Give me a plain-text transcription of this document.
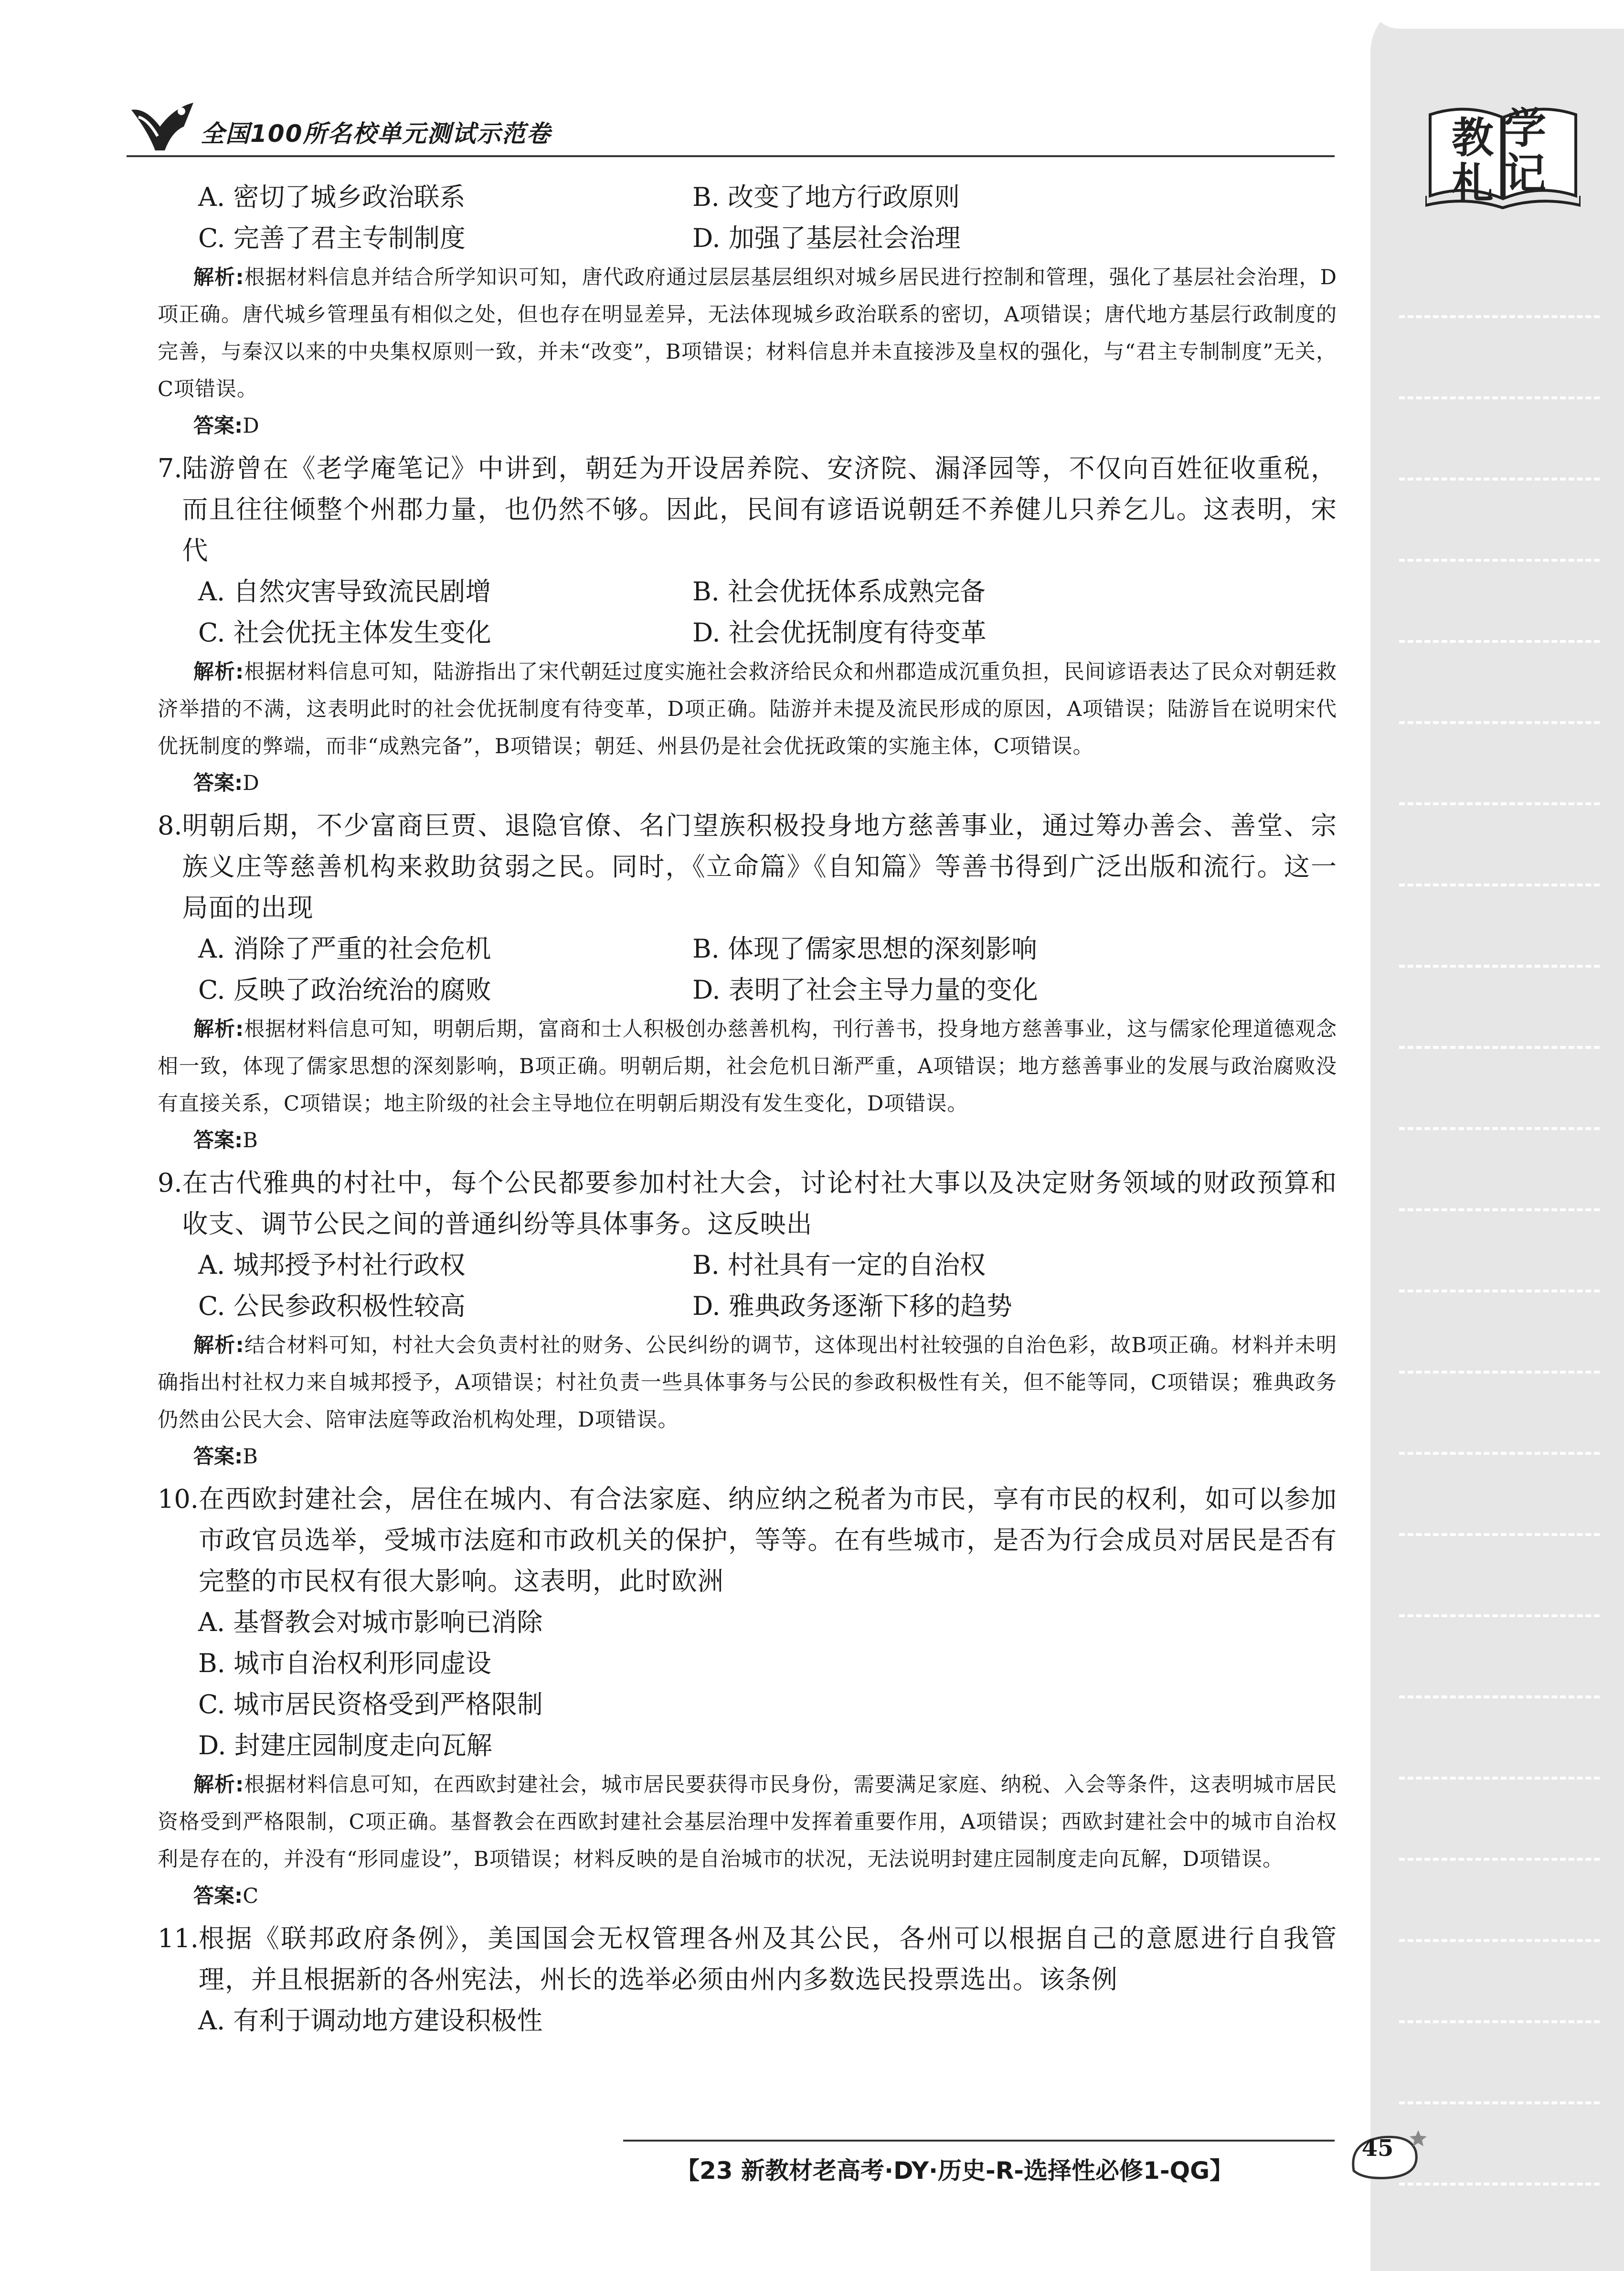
教 学
札 记
全国100所名校单元测试示范卷
A. 密切了城乡政治联系	B. 改变了地方行政原则
C. 完善了君主专制制度	D. 加强了基层社会治理

解析:根据材料信息并结合所学知识可知，唐代政府通过层层基层组织对城乡居民进行控制和管理，强化了基层社会治理，D项正确。唐代城乡管理虽有相似之处，但也存在明显差异，无法体现城乡政治联系的密切，A项错误；唐代地方基层行政制度的完善，与秦汉以来的中央集权原则一致，并未“改变”，B项错误；材料信息并未直接涉及皇权的强化，与“君主专制制度”无关，C项错误。

答案:D
7. 陆游曾在《老学庵笔记》中讲到，朝廷为开设居养院、安济院、漏泽园等，不仅向百姓征收重税，而且往往倾整个州郡力量，也仍然不够。因此，民间有谚语说朝廷不养健儿只养乞儿。这表明，宋代
A. 自然灾害导致流民剧增	B. 社会优抚体系成熟完备
C. 社会优抚主体发生变化	D. 社会优抚制度有待变革

解析:根据材料信息可知，陆游指出了宋代朝廷过度实施社会救济给民众和州郡造成沉重负担，民间谚语表达了民众对朝廷救济举措的不满，这表明此时的社会优抚制度有待变革，D项正确。陆游并未提及流民形成的原因，A项错误；陆游旨在说明宋代优抚制度的弊端，而非“成熟完备”，B项错误；朝廷、州县仍是社会优抚政策的实施主体，C项错误。

答案:D
8. 明朝后期，不少富商巨贾、退隐官僚、名门望族积极投身地方慈善事业，通过筹办善会、善堂、宗族义庄等慈善机构来救助贫弱之民。同时，《立命篇》《自知篇》等善书得到广泛出版和流行。这一局面的出现
A. 消除了严重的社会危机	B. 体现了儒家思想的深刻影响
C. 反映了政治统治的腐败	D. 表明了社会主导力量的变化

解析:根据材料信息可知，明朝后期，富商和士人积极创办慈善机构，刊行善书，投身地方慈善事业，这与儒家伦理道德观念相一致，体现了儒家思想的深刻影响，B项正确。明朝后期，社会危机日渐严重，A项错误；地方慈善事业的发展与政治腐败没有直接关系，C项错误；地主阶级的社会主导地位在明朝后期没有发生变化，D项错误。

答案:B
9. 在古代雅典的村社中，每个公民都要参加村社大会，讨论村社大事以及决定财务领域的财政预算和收支、调节公民之间的普通纠纷等具体事务。这反映出
A. 城邦授予村社行政权	B. 村社具有一定的自治权
C. 公民参政积极性较高	D. 雅典政务逐渐下移的趋势

解析:结合材料可知，村社大会负责村社的财务、公民纠纷的调节，这体现出村社较强的自治色彩，故B项正确。材料并未明确指出村社权力来自城邦授予，A项错误；村社负责一些具体事务与公民的参政积极性有关，但不能等同，C项错误；雅典政务仍然由公民大会、陪审法庭等政治机构处理，D项错误。

答案:B
10. 在西欧封建社会，居住在城内、有合法家庭、纳应纳之税者为市民，享有市民的权利，如可以参加市政官员选举，受城市法庭和市政机关的保护，等等。在有些城市，是否为行会成员对居民是否有完整的市民权有很大影响。这表明，此时欧洲
A. 基督教会对城市影响已消除
B. 城市自治权利形同虚设
C. 城市居民资格受到严格限制
D. 封建庄园制度走向瓦解

解析:根据材料信息可知，在西欧封建社会，城市居民要获得市民身份，需要满足家庭、纳税、入会等条件，这表明城市居民资格受到严格限制，C项正确。基督教会在西欧封建社会基层治理中发挥着重要作用，A项错误；西欧封建社会中的城市自治权利是存在的，并没有“形同虚设”，B项错误；材料反映的是自治城市的状况，无法说明封建庄园制度走向瓦解，D项错误。

答案:C
11. 根据《联邦政府条例》，美国国会无权管理各州及其公民，各州可以根据自己的意愿进行自我管理，并且根据新的各州宪法，州长的选举必须由州内多数选民投票选出。该条例
A. 有利于调动地方建设积极性
【23 新教材老高考·DY·历史-R-选择性必修1-QG】
45
